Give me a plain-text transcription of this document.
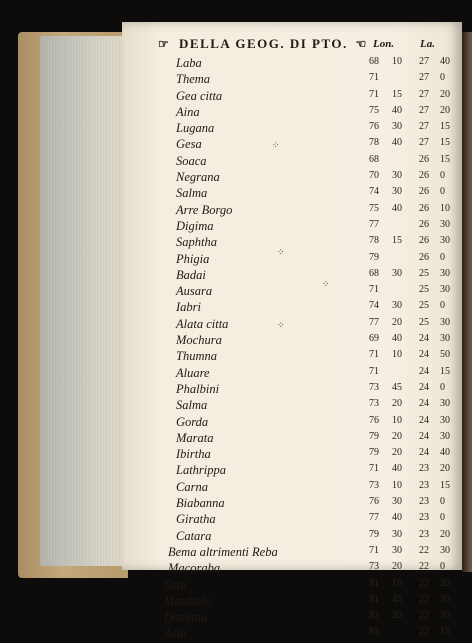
☞ DELLA GEOG. DI PTO. ☜ Lon. La.
Laba	68 10 27 40
Thema	71	27 0
Gea citta	71 15 27 20
Aina	75 40 27 20
Lugana	76 30 27 15
Gesa	78 40 27 15
Soaca	68	26 15
Negrana	70 30 26 0
Salma	74 30 26 0
Arre Borgo	75 40 26 10
Digima	77	26 30
Saphtha	78 15 26 30
Phigia	79	26 0
Badai	68 30 25 30
Ausara	71	25 30
Iabri	74 30 25 0
Alata citta	77 20 25 30
Mochura	69 40 24 30
Thumna	71 10 24 50
Aluare	71	24 15
Phalbini	73 45 24 0
Salma	73 20 24 30
Gorda	76 10 24 30
Marata	79 20 24 30
Ibirtha	79 20 24 40
Lathrippa	71 40 23 20
Carna	73 10 23 15
Biabanna	76 30 23 0
Giratha	77 40 23 0
Catara	79 30 23 20
Bema altrimenti Reba	71 30 22 30
Macoraba	73 20 22 0
Sata	81 10 22 20
Masthala	81 45 22 30
Domana	82 20 22 30
Asia	85	22 15
⁘
⁘
⁘
⁘
